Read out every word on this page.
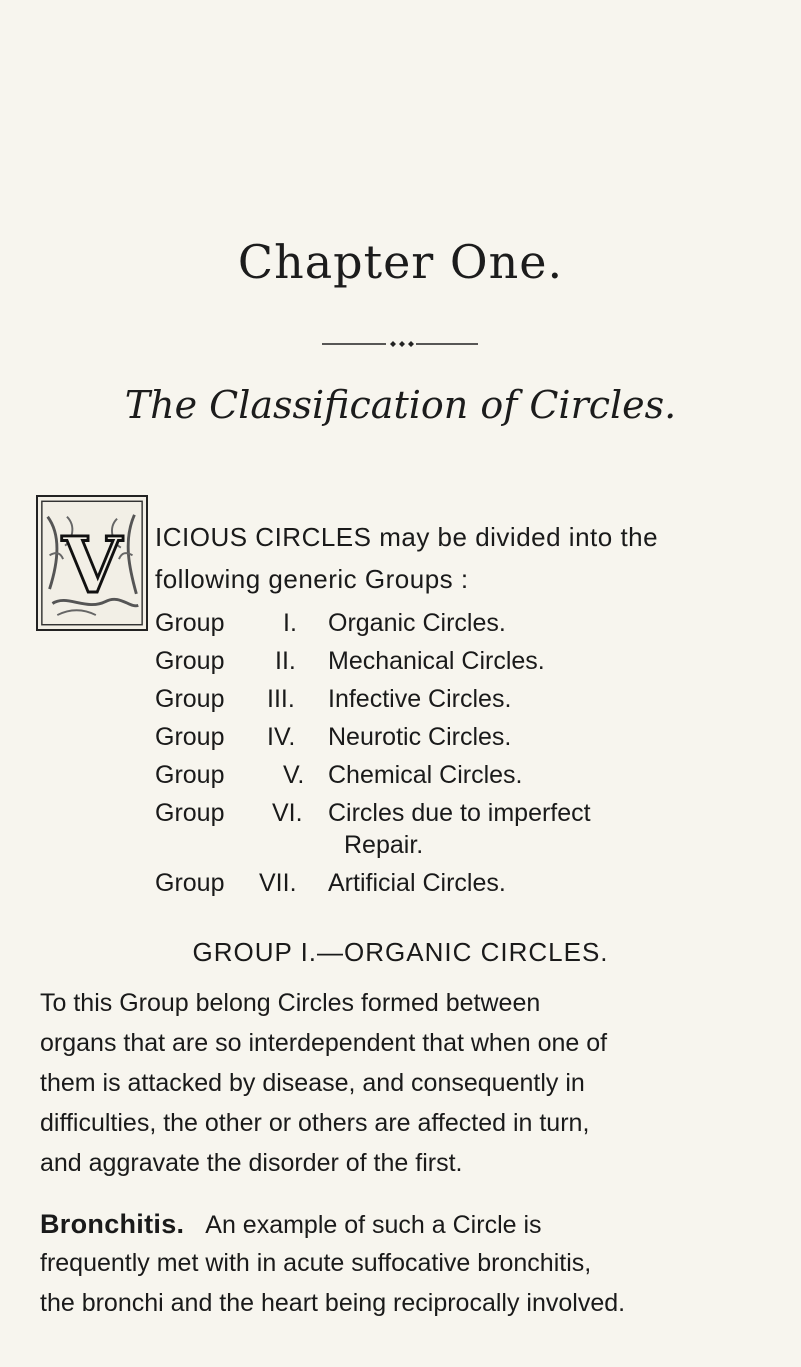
Chapter One.
The Classification of Circles.
V ICIOUS CIRCLES may be divided into the
following generic Groups :
Group I. Organic Circles.
Group II. Mechanical Circles.
Group III. Infective Circles.
Group IV. Neurotic Circles.
Group V. Chemical Circles.
Group VI. Circles due to imperfect
Repair.
Group VII. Artificial Circles.
GROUP I.—ORGANIC CIRCLES.
To this Group belong Circles formed between
organs that are so interdependent that when one of
them is attacked by disease, and consequently in
difficulties, the other or others are affected in turn,
and aggravate the disorder of the first.
Bronchitis. An example of such a Circle is
frequently met with in acute suffocative bronchitis,
the bronchi and the heart being reciprocally involved.
